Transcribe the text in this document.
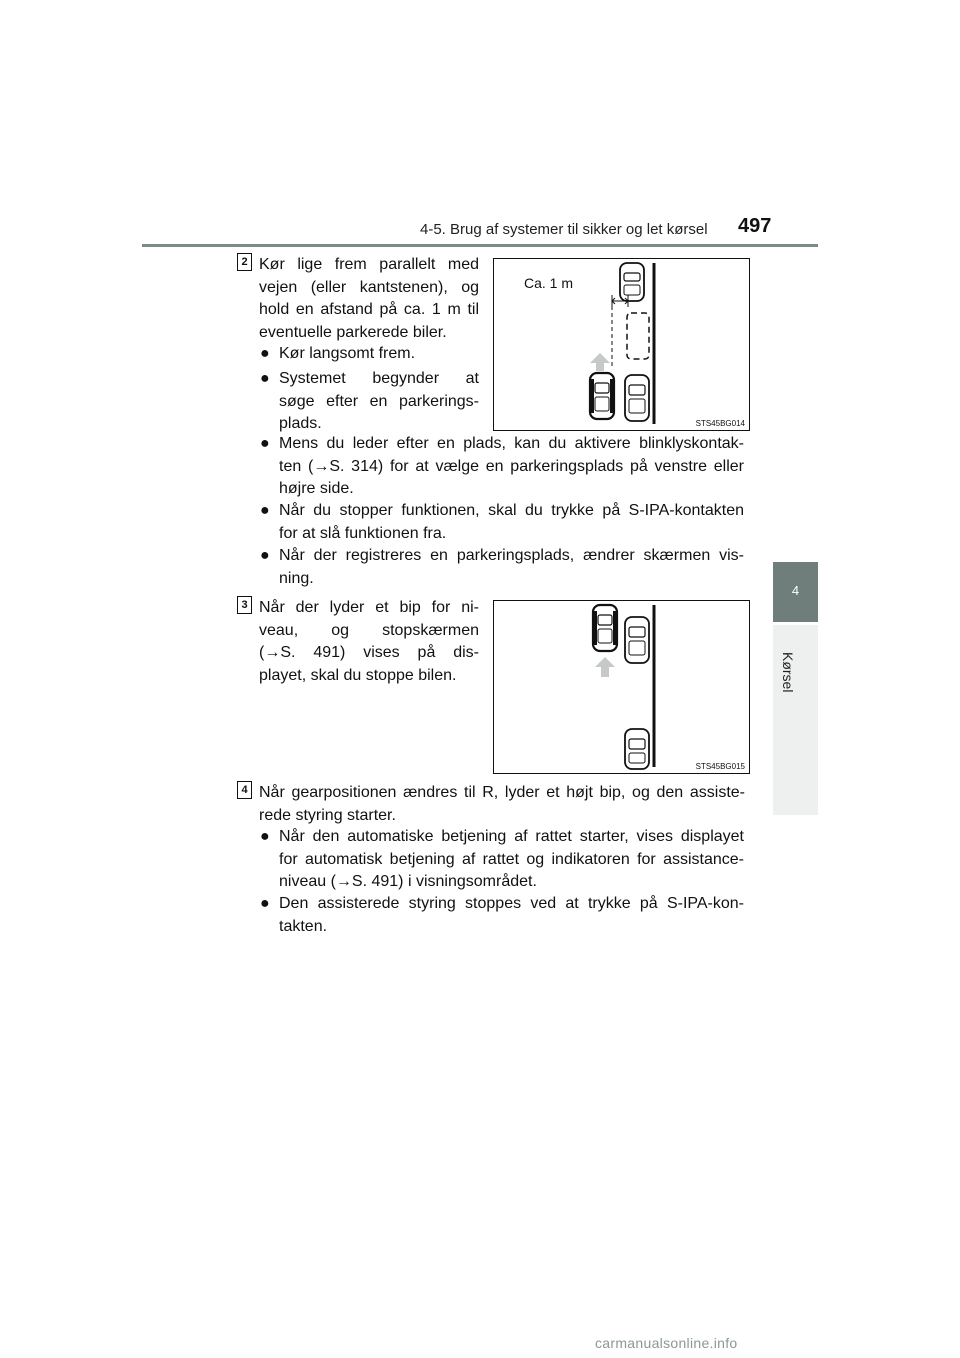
4-5. Brug af systemer til sikker og let kørsel 497
4
Kørsel
2 Kør lige frem parallelt med
vejen (eller kantstenen), og
hold en afstand på ca. 1 m til
eventuelle parkerede biler.
● Kør langsomt frem.
● Systemet begynder at
søge efter en parkerings-
plads.
Ca. 1 m
STS45BG014
● Mens du leder efter en plads, kan du aktivere blinklyskontak-
ten (→S. 314) for at vælge en parkeringsplads på venstre eller
højre side.
● Når du stopper funktionen, skal du trykke på S-IPA-kontakten
for at slå funktionen fra.
● Når der registreres en parkeringsplads, ændrer skærmen vis-
ning.
3 Når der lyder et bip for ni-
veau, og stopskærmen
(→S. 491) vises på dis-
playet, skal du stoppe bilen.
STS45BG015
4 Når gearpositionen ændres til R, lyder et højt bip, og den assiste-
rede styring starter.
● Når den automatiske betjening af rattet starter, vises displayet
for automatisk betjening af rattet og indikatoren for assistance-
niveau (→S. 491) i visningsområdet.
● Den assisterede styring stoppes ved at trykke på S-IPA-kon-
takten.
carmanualsonline.info
